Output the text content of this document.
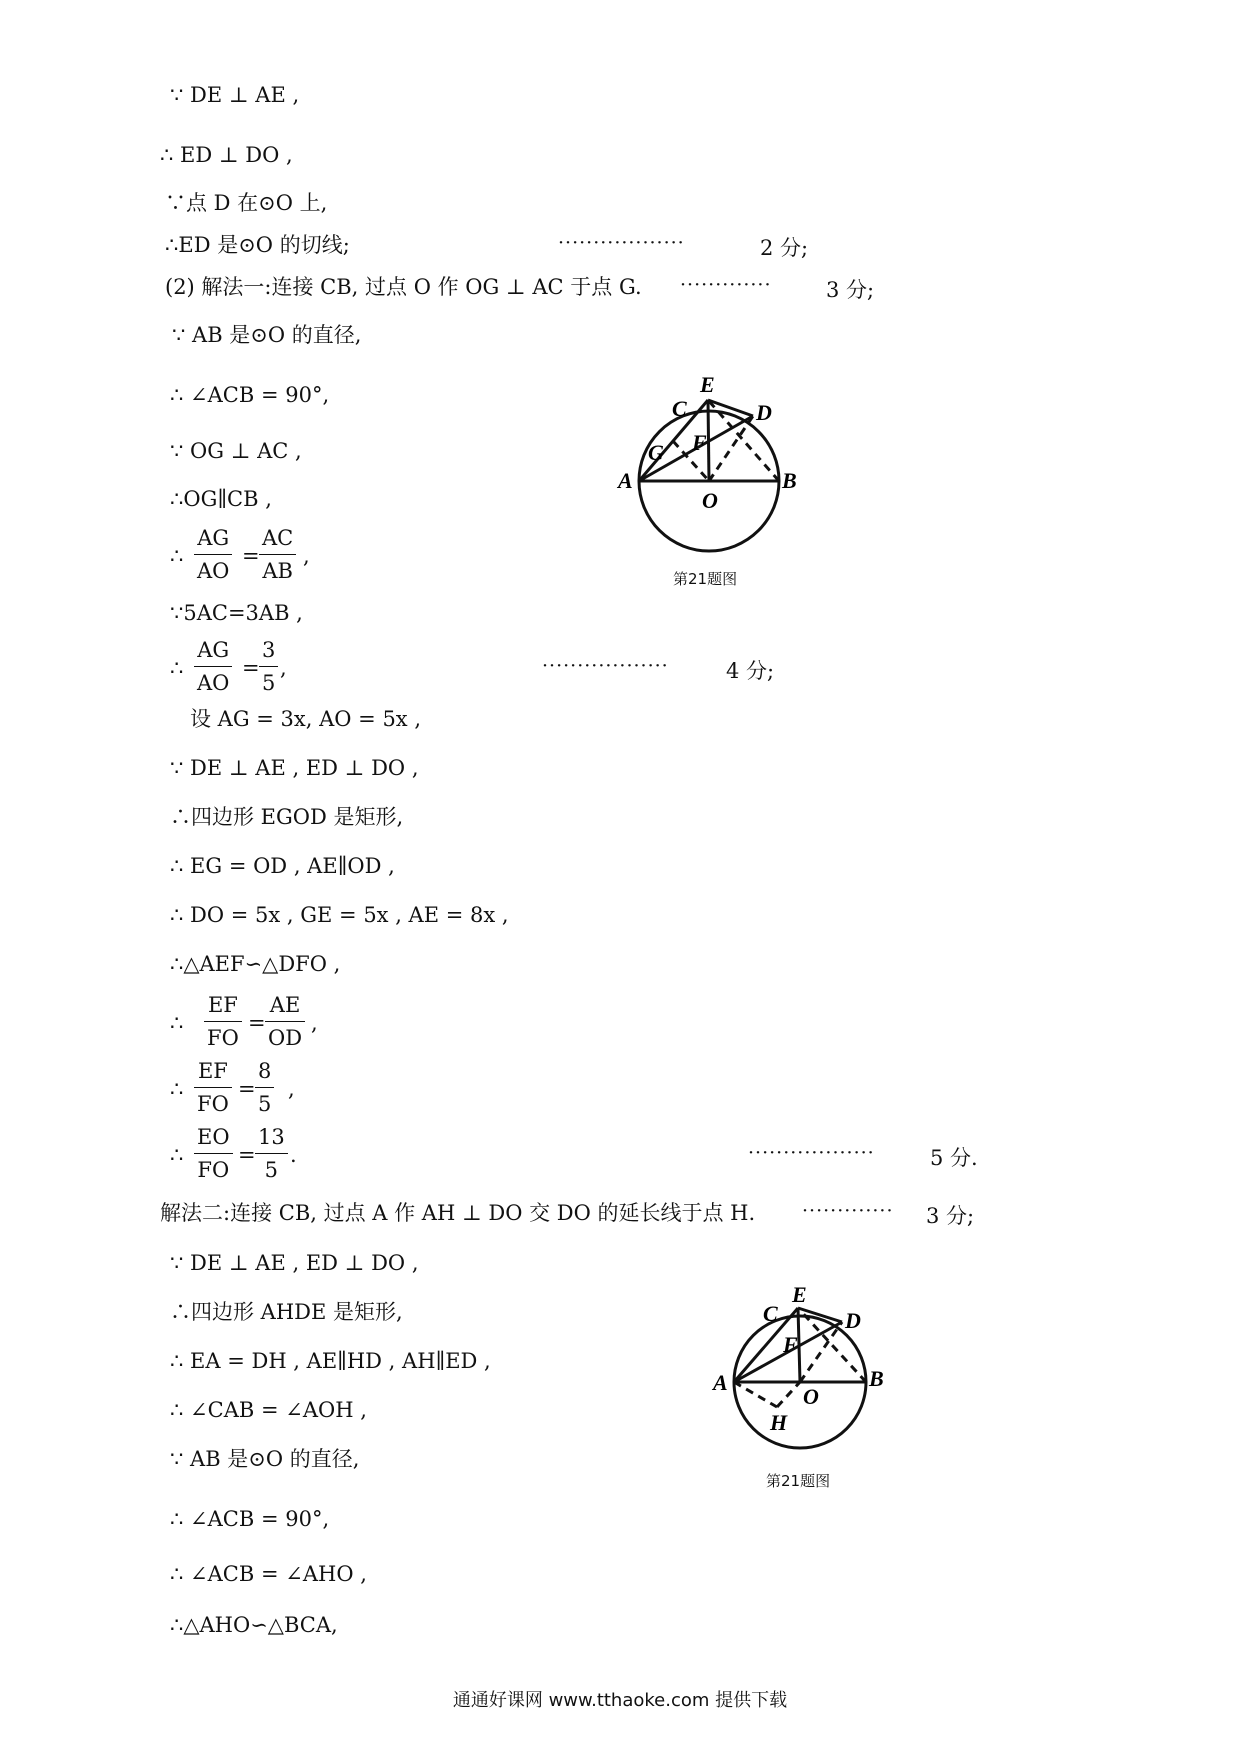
∵ DE ⊥ AE ,
∴ ED ⊥ DO ,
∵点 D 在⊙O 上,
∴ED 是⊙O 的切线;	··················	2 分;
(2) 解法一:连接 CB, 过点 O 作 OG ⊥ AC 于点 G. ·············	3 分;
∵ AB 是⊙O 的直径,
∴ ∠ACB = 90°,
∵ OG ⊥ AC ,
∴OG∥CB ,
∴
AG
AO
=
AC
AB
,
∵5AC=3AB ,
∴
AG
AO
=
3
5
,	··················	4 分;
设 AG = 3x, AO = 5x ,
∵ DE ⊥ AE , ED ⊥ DO ,
∴四边形 EGOD 是矩形,
∴ EG = OD , AE∥OD ,
∴ DO = 5x , GE = 5x , AE = 8x ,
∴△AEF∽△DFO ,
∴
EF
FO
=
AE
OD
,
∴
EF
FO
=
8
5
,
∴
EO
FO
=
13
5
.	··················	5 分.
解法二:连接 CB, 过点 A 作 AH ⊥ DO 交 DO 的延长线于点 H. ············· 3 分;
∵ DE ⊥ AE , ED ⊥ DO ,
∴四边形 AHDE 是矩形,
∴ EA = DH , AE∥HD , AH∥ED ,
∴ ∠CAB = ∠AOH ,
∵ AB 是⊙O 的直径,
∴ ∠ACB = 90°,
∴ ∠ACB = ∠AHO ,
∴△AHO∽△BCA,
E
C	D
F
G
A	B
O
第21题图
E
C	D
F
A	B
O
H
第21题图
通通好课网 www.tthaoke.com 提供下载
